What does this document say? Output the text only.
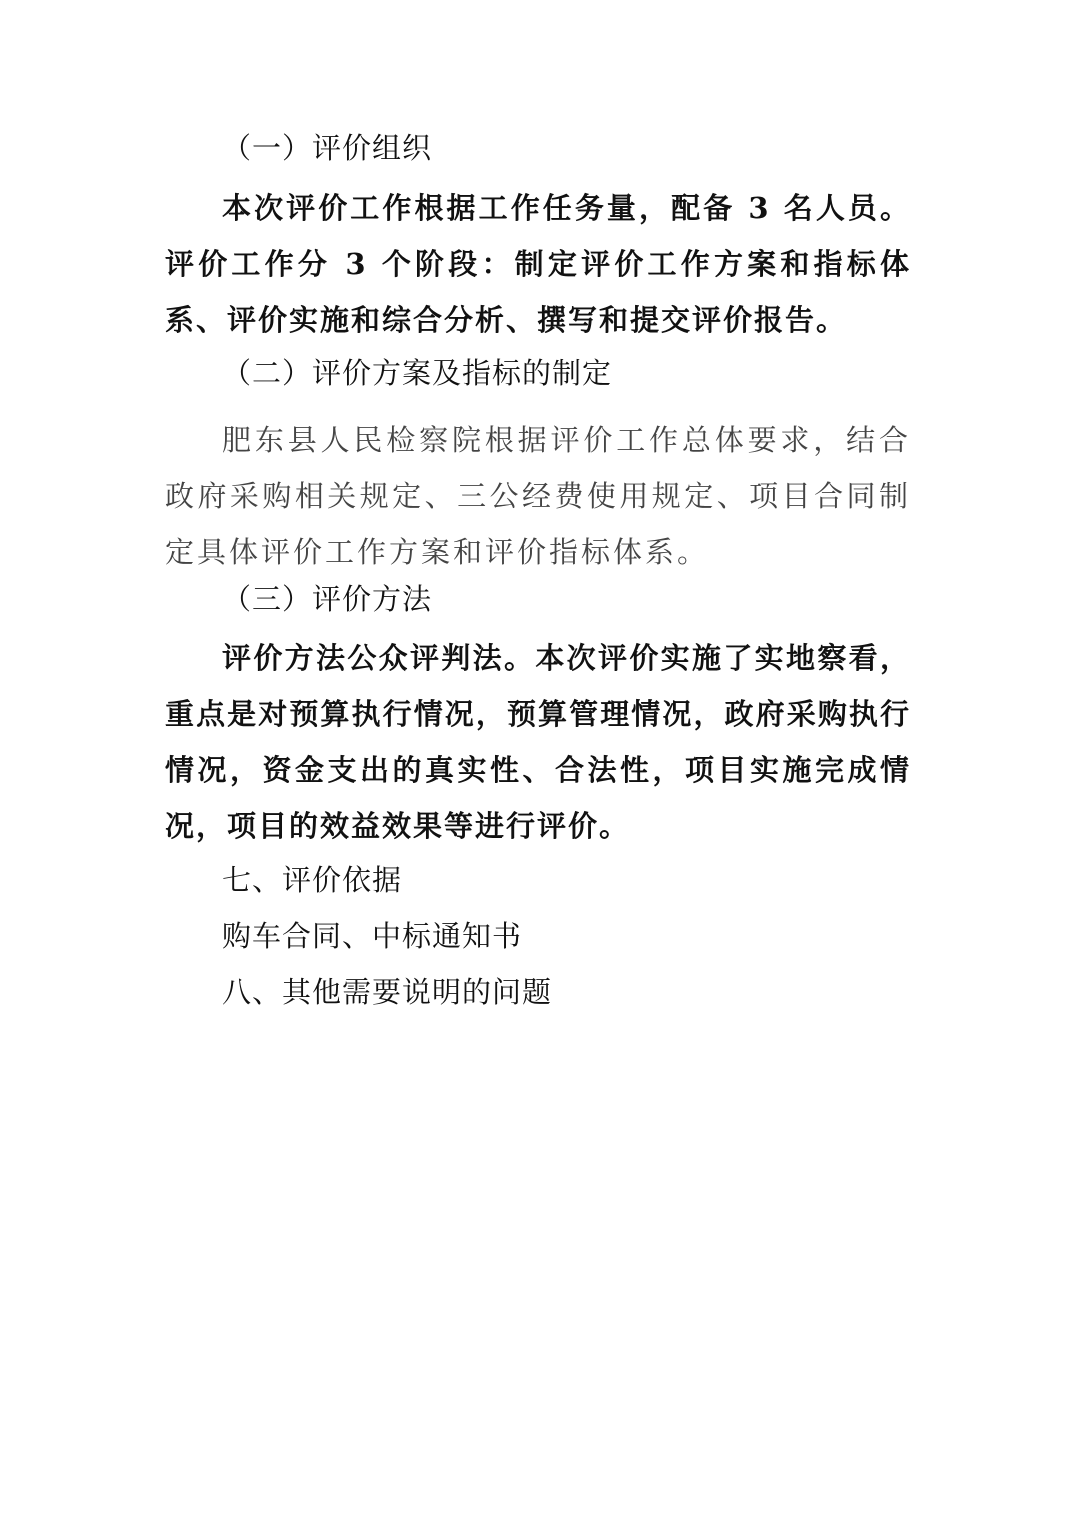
（一）评价组织

本次评价工作根据工作任务量，配备 3 名人员。评价工作分 3 个阶段：制定评价工作方案和指标体系、评价实施和综合分析、撰写和提交评价报告。

（二）评价方案及指标的制定

肥东县人民检察院根据评价工作总体要求，结合政府采购相关规定、三公经费使用规定、项目合同制定具体评价工作方案和评价指标体系。

（三）评价方法

评价方法公众评判法。本次评价实施了实地察看，重点是对预算执行情况，预算管理情况，政府采购执行情况，资金支出的真实性、合法性，项目实施完成情况，项目的效益效果等进行评价。

七、评价依据
购车合同、中标通知书
八、其他需要说明的问题
